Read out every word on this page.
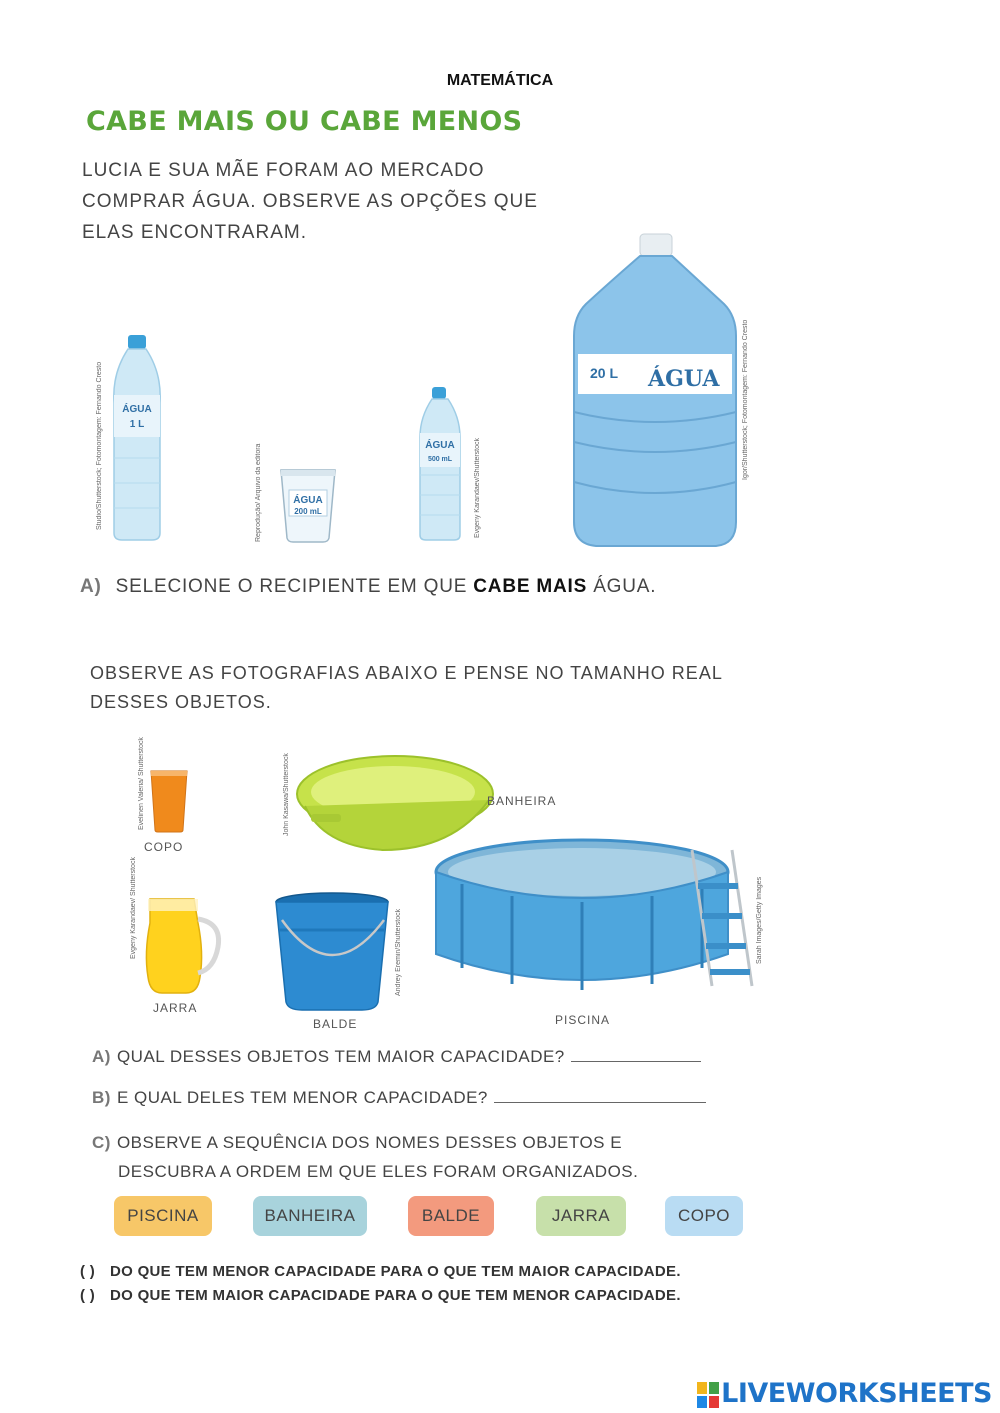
MATEMÁTICA
CABE MAIS OU CABE MENOS
LUCIA E SUA MÃE FORAM AO MERCADO COMPRAR ÁGUA. OBSERVE AS OPÇÕES QUE ELAS ENCONTRARAM.
Studio/Shutterstock; Fotomontagem: Fernando Cresto ÁGUA
1 L
Reprodução/ Arquivo da editora	ÁGUA
200 mL
ÁGUA
500 mL	Evgeny Karandaev/Shutterstock
20 L ÁGUA	Igor/Shutterstock; Fotomontagem: Fernando Cresto
A) SELECIONE O RECIPIENTE EM QUE CABE MAIS ÁGUA.
OBSERVE AS FOTOGRAFIAS ABAIXO E PENSE NO TAMANHO REAL DESSES OBJETOS.
Evelinen Valeria/ Shutterstock
COPO
John Kasawa/Shutterstock	BANHEIRA
Evgeny Karandaev/ Shutterstock
JARRA
Andrey Eremin/Shutterstock
BALDE
Sarah Images/Getty Images
PISCINA
A) QUAL DESSES OBJETOS TEM MAIOR CAPACIDADE?
B) E QUAL DELES TEM MENOR CAPACIDADE?
C) OBSERVE A SEQUÊNCIA DOS NOMES DESSES OBJETOS E
DESCUBRA A ORDEM EM QUE ELES FORAM ORGANIZADOS.
PISCINA	BANHEIRA	BALDE	JARRA	COPO
( ) DO QUE TEM MENOR CAPACIDADE PARA O QUE TEM MAIOR CAPACIDADE.
( ) DO QUE TEM MAIOR CAPACIDADE PARA O QUE TEM MENOR CAPACIDADE.
LIVEWORKSHEETS
